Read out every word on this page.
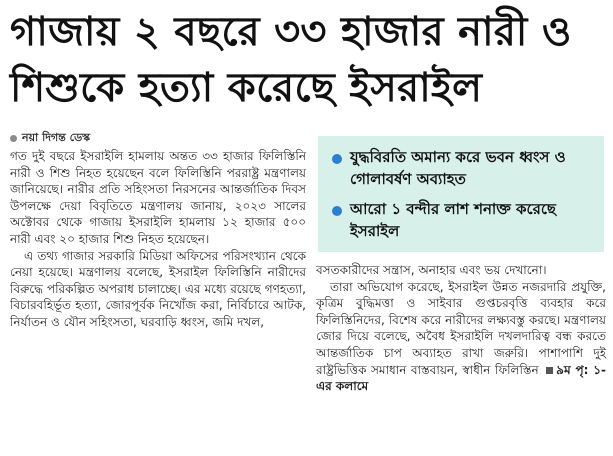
গাজায় ২ বছরে ৩৩ হাজার নারী ও
শিশুকে হত্যা করেছে ইসরাইল
নয়া দিগন্ত ডেস্ক

গত দুই বছরে ইসরাইলি হামলায় অন্তত ৩৩ হাজার ফিলিস্তিনি নারী ও শিশু নিহত হয়েছেন বলে ফিলিস্তিনি পররাষ্ট্র মন্ত্রণালয় জানিয়েছে। নারীর প্রতি সহিংসতা নিরসনের আন্তর্জাতিক দিবস উপলক্ষে দেয়া বিবৃতিতে মন্ত্রণালয় জানায়, ২০২৩ সালের অক্টোবর থেকে গাজায় ইসরাইলি হামলায় ১২ হাজার ৫০০ নারী এবং ২০ হাজার শিশু নিহত হয়েছেন।

এ তথ্য গাজার সরকারি মিডিয়া অফিসের পরিসংখ্যান থেকে নেয়া হয়েছে। মন্ত্রণালয় বলেছে, ইসরাইল ফিলিস্তিনি নারীদের বিরুদ্ধে পরিকল্পিত অপরাধ চালাচ্ছে। এর মধ্যে রয়েছে গণহত্যা, বিচারবহির্ভূত হত্যা, জোরপূর্বক নিখোঁজ করা, নির্বিচারে আটক, নির্যাতন ও যৌন সহিংসতা, ঘরবাড়ি ধ্বংস, জমি দখল,

যুদ্ধবিরতি অমান্য করে ভবন ধ্বংস ও গোলাবর্ষণ অব্যাহত
আরো ১ বন্দীর লাশ শনাক্ত করেছে ইসরাইল

বসতকারীদের সন্ত্রাস, অনাহার এবং ভয় দেখানো।

তারা অভিযোগ করেছে, ইসরাইল উন্নত নজরদারি প্রযুক্তি, কৃত্রিম বুদ্ধিমত্তা ও সাইবার গুপ্তচরবৃত্তি ব্যবহার করে ফিলিস্তিনিদের, বিশেষ করে নারীদের লক্ষ্যবস্তু করছে। মন্ত্রণালয় জোর দিয়ে বলেছে, অবৈধ ইসরাইলি দখলদারিত্ব বন্ধ করতে আন্তর্জাতিক চাপ অব্যাহত রাখা জরুরি। পাশাপাশি দুই রাষ্ট্রভিত্তিক সমাধান বাস্তবায়ন, স্বাধীন ফিলিস্তিন ৯ম পৃ: ১-এর কলামে
